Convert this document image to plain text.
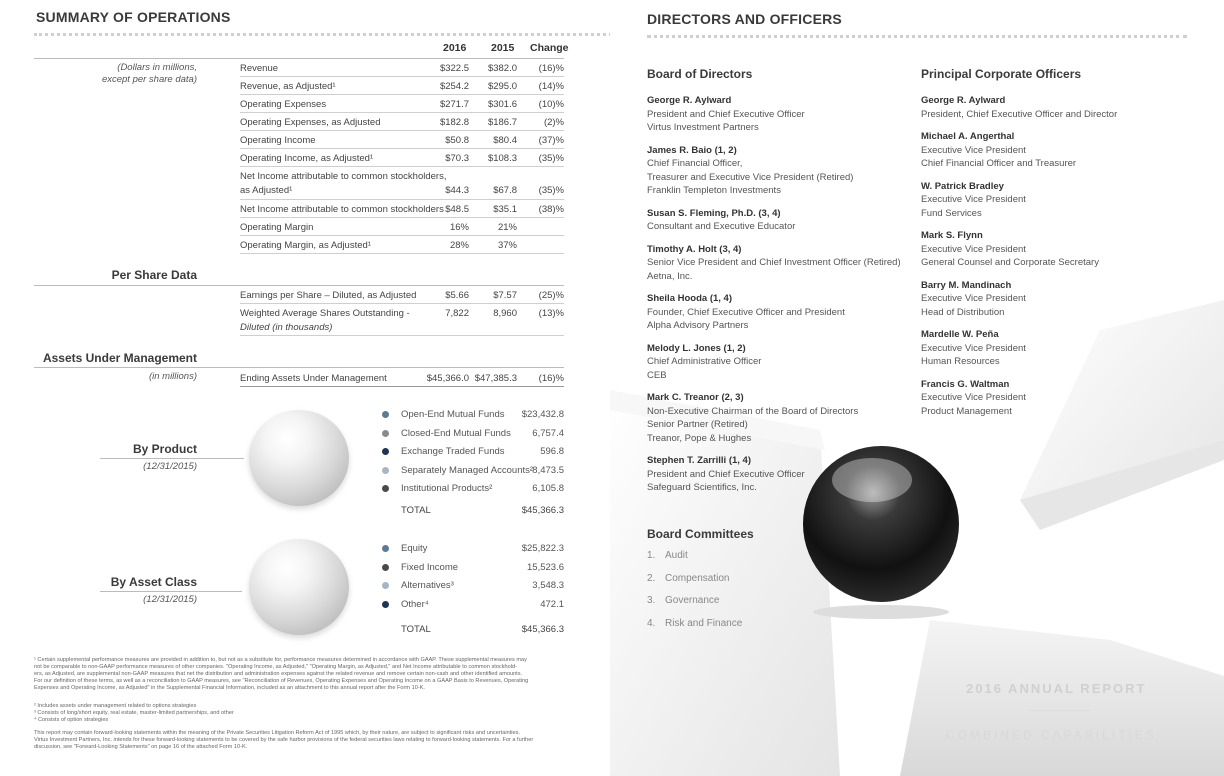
SUMMARY OF OPERATIONS
2016 2015 Change
(Dollars in millions,
except per share data)
Revenue	$322.5 $382.0 (16)%
Revenue, as Adjusted¹	$254.2 $295.0 (14)%
Operating Expenses	$271.7 $301.6 (10)%
Operating Expenses, as Adjusted	$182.8 $186.7	(2)%
Operating Income	$50.8	$80.4 (37)%
Operating Income, as Adjusted¹	$70.3 $108.3 (35)%
Net Income attributable to common stockholders,
as Adjusted¹	$44.3	$67.8 (35)%
Net Income attributable to common stockholders $48.5	$35.1 (38)%
Operating Margin	16%	21%
Operating Margin, as Adjusted¹	28%	37%
Per Share Data
Earnings per Share – Diluted, as Adjusted	$5.66	$7.57 (25)%
Weighted Average Shares Outstanding -
Diluted (in thousands)
7,822	8,960 (13)%
Assets Under Management
(in millions)	Ending Assets Under Management	$45,366.0 $47,385.3 (16)%
By Product
(12/31/2015)
Open-End Mutual Funds $23,432.8
Closed-End Mutual Funds 6,757.4
Exchange Traded Funds	596.8
Separately Managed Accounts² 8,473.5
Institutional Products²	6,105.8
TOTAL	$45,366.3
By Asset Class
(12/31/2015)
Equity	$25,822.3
Fixed Income	15,523.6
Alternatives³	3,548.3
Other⁴	472.1
TOTAL	$45,366.3
¹ Certain supplemental performance measures are provided in addition to, but not as a substitute for, performance measures determined in accordance with GAAP. These supplemental measures may
not be comparable to non-GAAP performance measures of other companies. "Operating Income, as Adjusted," "Operating Margin, as Adjusted," and Net Income attributable to common stockhold-
ers, as Adjusted, are supplemental non-GAAP measures that net the distribution and administration expenses against the related revenue and remove certain non-cash and other identified amounts.
For our definition of these terms, as well as a reconciliation to GAAP measures, see "Reconciliation of Revenues, Operating Expenses and Operating Income on a GAAP Basis to Revenues, Operating
Expenses and Operating Income, as Adjusted" in the Supplemental Financial Information, included as an attachment to this annual report after the Form 10-K.
² Includes assets under management related to options strategies
³ Consists of long/short equity, real estate, master-limited partnerships, and other
⁴ Consists of option strategies
This report may contain forward-looking statements within the meaning of the Private Securities Litigation Reform Act of 1995 which, by their nature, are subject to significant risks and uncertainties.
Virtus Investment Partners, Inc. intends for these forward-looking statements to be covered by the safe harbor provisions of the federal securities laws relating to forward-looking statements. For a further
discussion, see "Forward-Looking Statements" on page 16 of the attached Form 10-K.
DIRECTORS AND OFFICERS
Board of Directors	Principal Corporate Officers
George R. Aylward
President and Chief Executive Officer
Virtus Investment Partners
James R. Baio (1, 2)
Chief Financial Officer,
Treasurer and Executive Vice President (Retired)
Franklin Templeton Investments
Susan S. Fleming, Ph.D. (3, 4)
Consultant and Executive Educator
Timothy A. Holt (3, 4)
Senior Vice President and Chief Investment Officer (Retired)
Aetna, Inc.
Sheila Hooda (1, 4)
Founder, Chief Executive Officer and President
Alpha Advisory Partners
Melody L. Jones (1, 2)
Chief Administrative Officer
CEB
Mark C. Treanor (2, 3)
Non-Executive Chairman of the Board of Directors
Senior Partner (Retired)
Treanor, Pope & Hughes
Stephen T. Zarrilli (1, 4)
President and Chief Executive Officer
Safeguard Scientifics, Inc.
George R. Aylward
President, Chief Executive Officer and Director
Michael A. Angerthal
Executive Vice President
Chief Financial Officer and Treasurer
W. Patrick Bradley
Executive Vice President
Fund Services
Mark S. Flynn
Executive Vice President
General Counsel and Corporate Secretary
Barry M. Mandinach
Executive Vice President
Head of Distribution
Mardelle W. Peña
Executive Vice President
Human Resources
Francis G. Waltman
Executive Vice President
Product Management
Board Committees
1. Audit
2. Compensation
3. Governance
4. Risk and Finance
2016 ANNUAL REPORT
COMBINED CAPABILITIES
